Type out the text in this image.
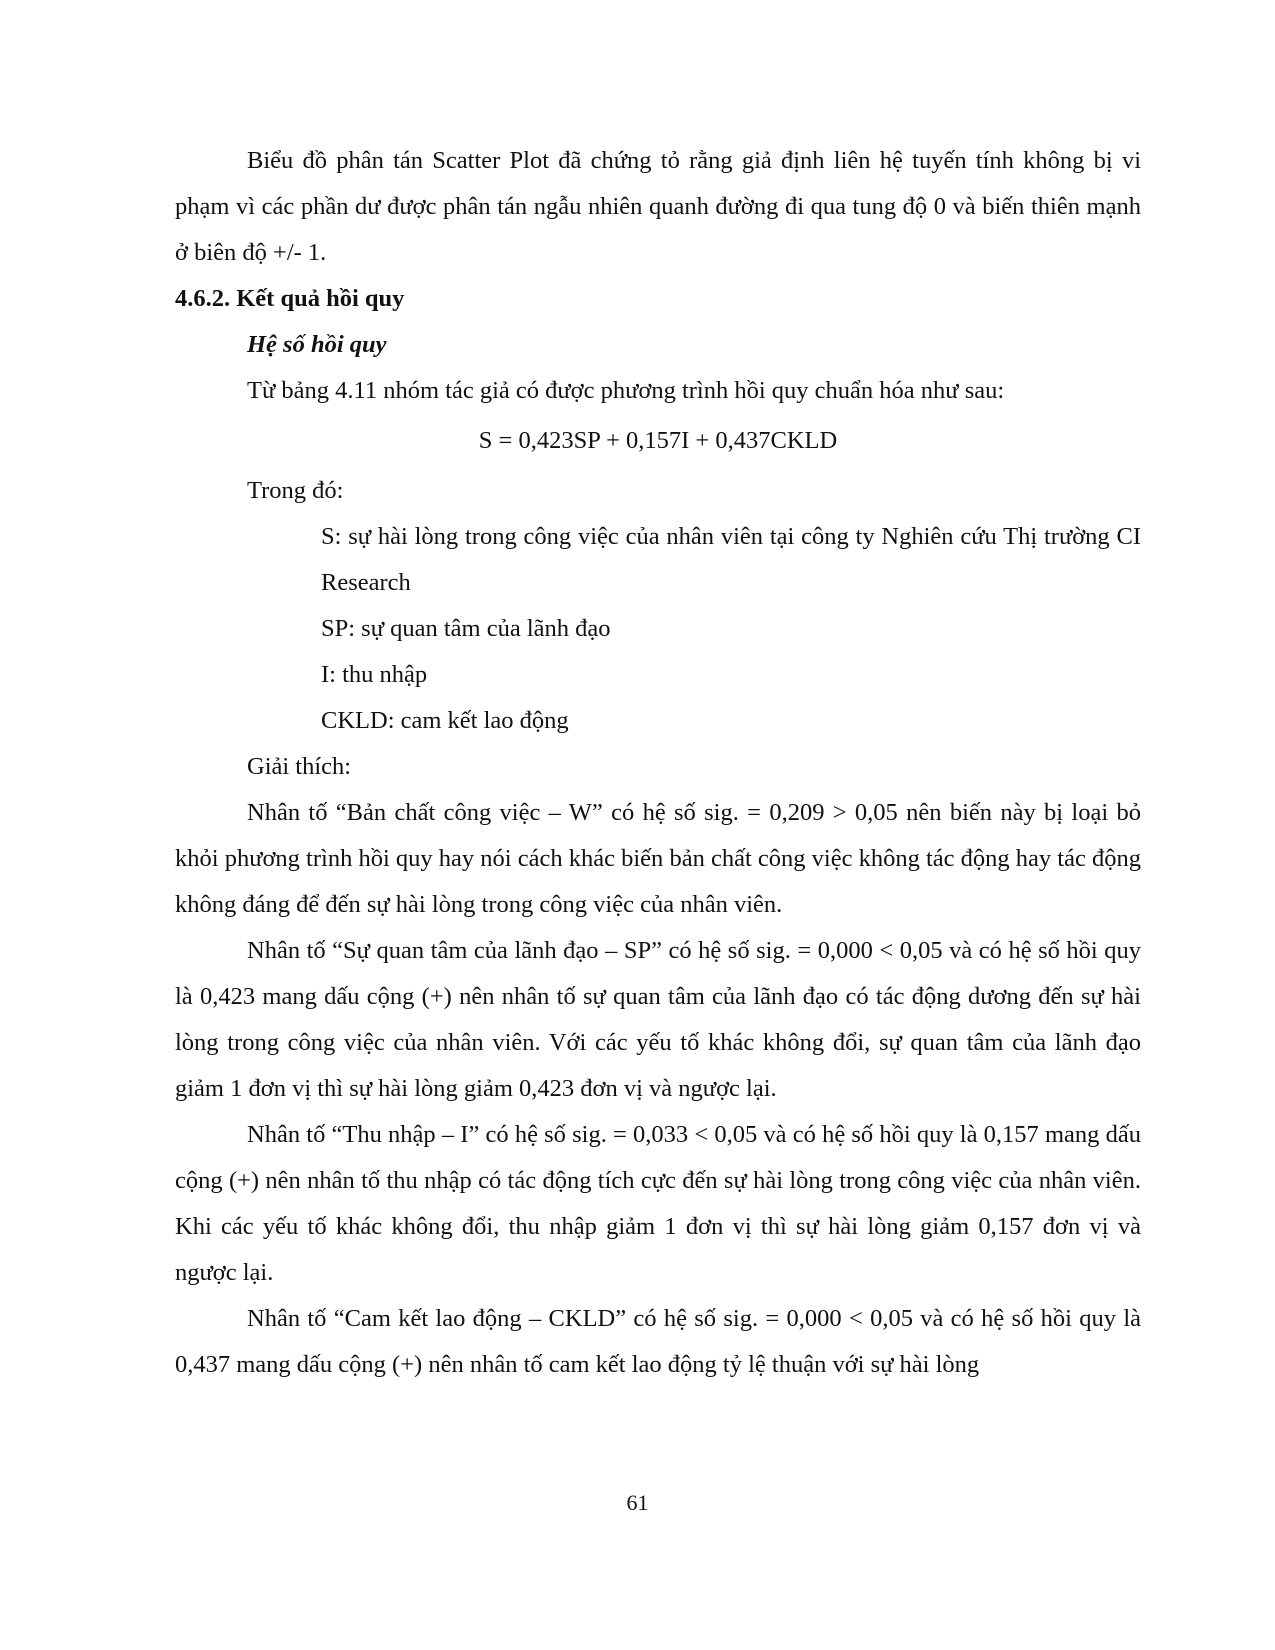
Biểu đồ phân tán Scatter Plot đã chứng tỏ rằng giả định liên hệ tuyến tính không bị vi phạm vì các phần dư được phân tán ngẫu nhiên quanh đường đi qua tung độ 0 và biến thiên mạnh ở biên độ +/- 1.

4.6.2. Kết quả hồi quy

Hệ số hồi quy

Từ bảng 4.11 nhóm tác giả có được phương trình hồi quy chuẩn hóa như sau:

S = 0,423SP + 0,157I + 0,437CKLD

Trong đó:

S: sự hài lòng trong công việc của nhân viên tại công ty Nghiên cứu Thị trường CI Research

SP: sự quan tâm của lãnh đạo

I: thu nhập

CKLD: cam kết lao động

Giải thích:

Nhân tố “Bản chất công việc – W” có hệ số sig. = 0,209 > 0,05 nên biến này bị loại bỏ khỏi phương trình hồi quy hay nói cách khác biến bản chất công việc không tác động hay tác động không đáng để đến sự hài lòng trong công việc của nhân viên.

Nhân tố “Sự quan tâm của lãnh đạo – SP” có hệ số sig. = 0,000 < 0,05 và có hệ số hồi quy là 0,423 mang dấu cộng (+) nên nhân tố sự quan tâm của lãnh đạo có tác động dương đến sự hài lòng trong công việc của nhân viên. Với các yếu tố khác không đổi, sự quan tâm của lãnh đạo giảm 1 đơn vị thì sự hài lòng giảm 0,423 đơn vị và ngược lại.

Nhân tố “Thu nhập – I” có hệ số sig. = 0,033 < 0,05 và có hệ số hồi quy là 0,157 mang dấu cộng (+) nên nhân tố thu nhập có tác động tích cực đến sự hài lòng trong công việc của nhân viên. Khi các yếu tố khác không đổi, thu nhập giảm 1 đơn vị thì sự hài lòng giảm 0,157 đơn vị và ngược lại.

Nhân tố “Cam kết lao động – CKLD” có hệ số sig. = 0,000 < 0,05 và có hệ số hồi quy là 0,437 mang dấu cộng (+) nên nhân tố cam kết lao động tỷ lệ thuận với sự hài lòng

61
